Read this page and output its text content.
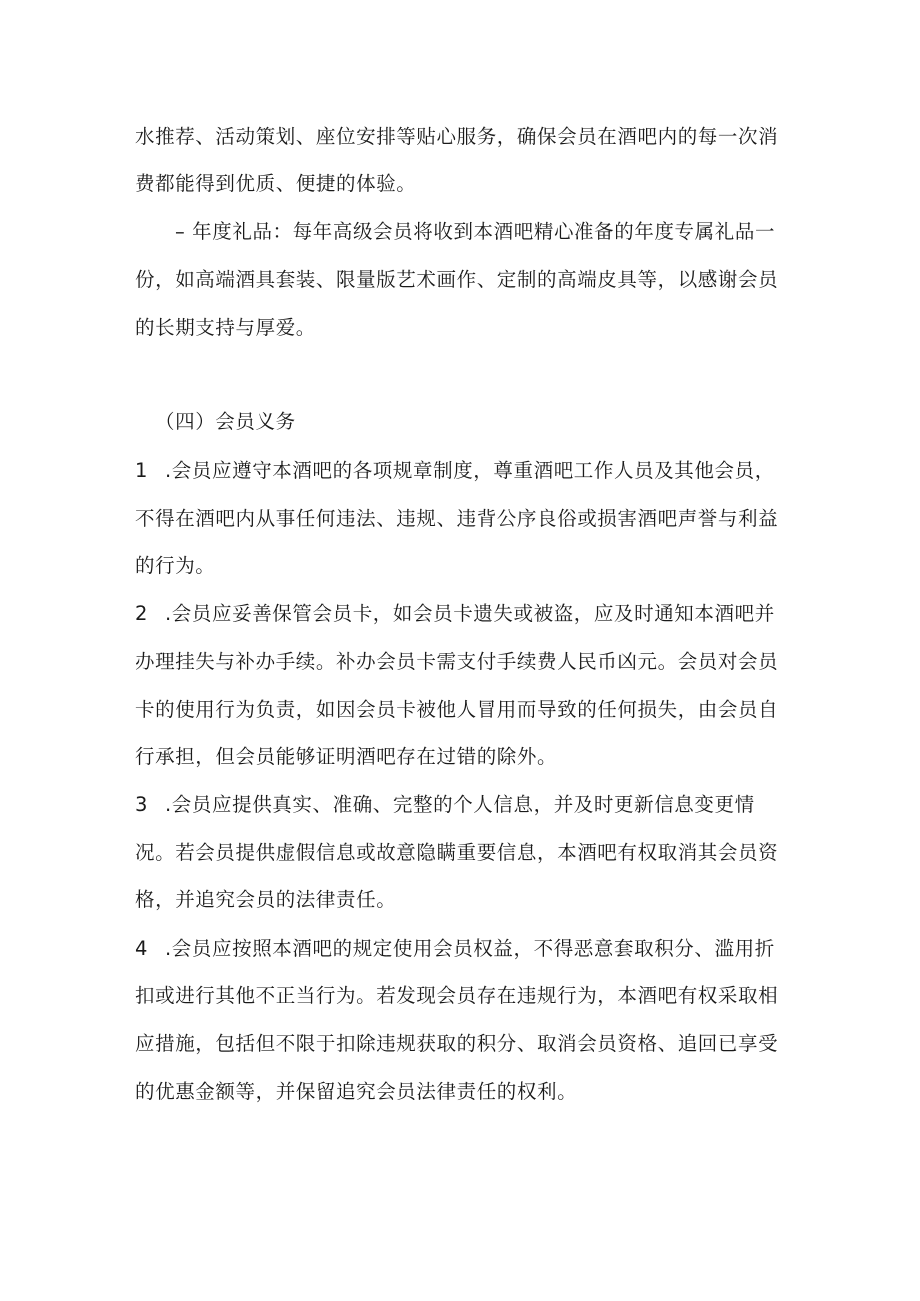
水推荐、活动策划、座位安排等贴心服务，确保会员在酒吧内的每一次消
费都能得到优质、便捷的体验。
– 年度礼品：每年高级会员将收到本酒吧精心准备的年度专属礼品一
份，如高端酒具套装、限量版艺术画作、定制的高端皮具等，以感谢会员
的长期支持与厚爱。
（四）会员义务
1 .会员应遵守本酒吧的各项规章制度，尊重酒吧工作人员及其他会员，
不得在酒吧内从事任何违法、违规、违背公序良俗或损害酒吧声誉与利益
的行为。
2 .会员应妥善保管会员卡，如会员卡遗失或被盗，应及时通知本酒吧并
办理挂失与补办手续。补办会员卡需支付手续费人民币凶元。会员对会员
卡的使用行为负责，如因会员卡被他人冒用而导致的任何损失，由会员自
行承担，但会员能够证明酒吧存在过错的除外。
3 .会员应提供真实、准确、完整的个人信息，并及时更新信息变更情
况。若会员提供虚假信息或故意隐瞒重要信息，本酒吧有权取消其会员资
格，并追究会员的法律责任。
4 .会员应按照本酒吧的规定使用会员权益，不得恶意套取积分、滥用折
扣或进行其他不正当行为。若发现会员存在违规行为，本酒吧有权采取相
应措施，包括但不限于扣除违规获取的积分、取消会员资格、追回已享受
的优惠金额等，并保留追究会员法律责任的权利。
